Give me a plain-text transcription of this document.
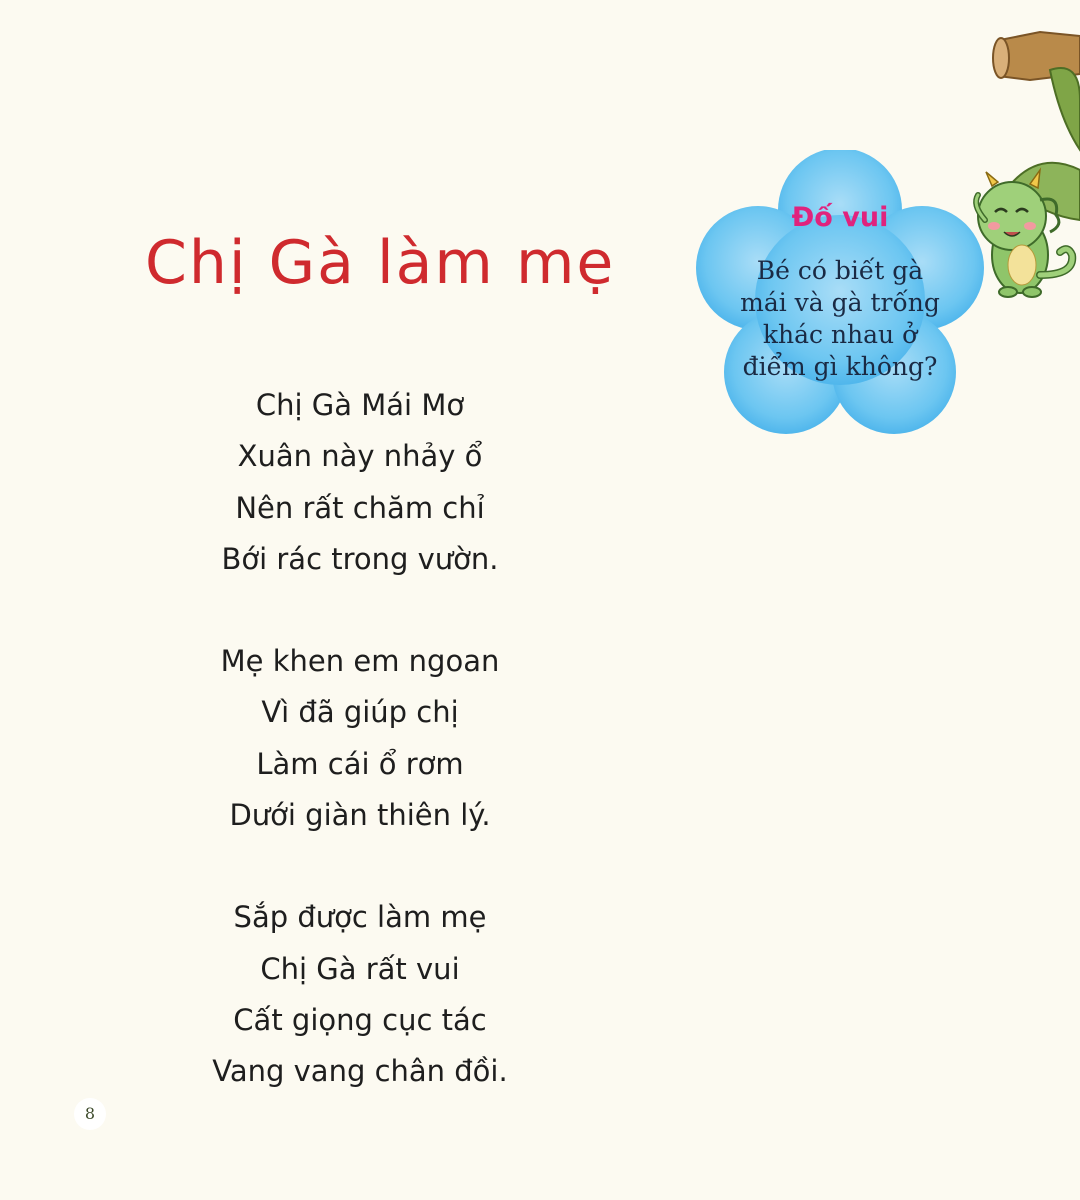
Chị Gà làm mẹ
Chị Gà Mái Mơ
Xuân này nhảy ổ
Nên rất chăm chỉ
Bới rác trong vườn.
Mẹ khen em ngoan
Vì đã giúp chị
Làm cái ổ rơm
Dưới giàn thiên lý.
Sắp được làm mẹ
Chị Gà rất vui
Cất giọng cục tác
Vang vang chân đồi.
Đố vui
Bé có biết gà
mái và gà trống
khác nhau ở
điểm gì không?
8
